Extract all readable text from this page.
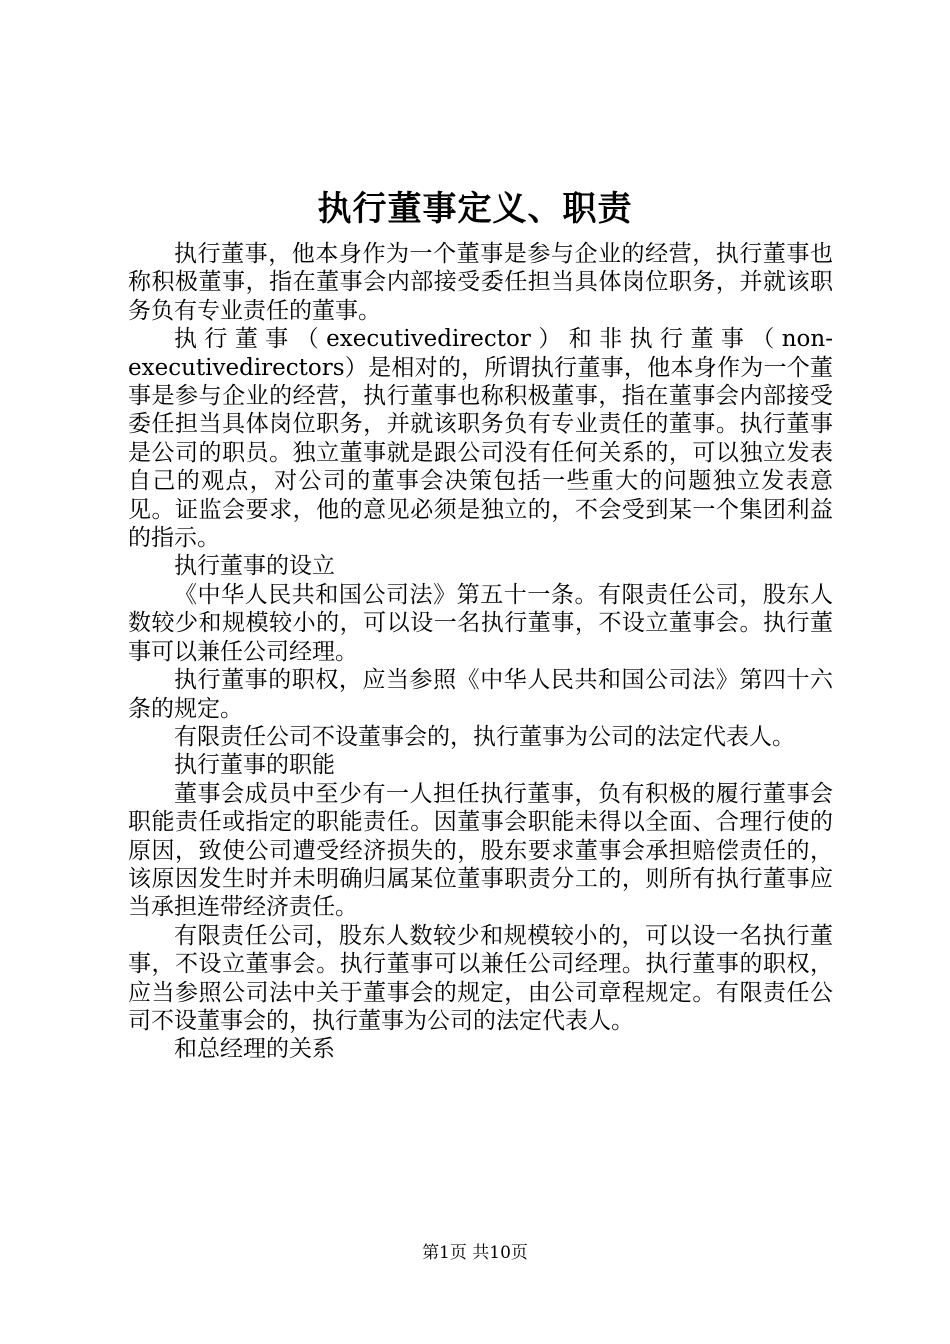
执行董事定义、职责

执行董事，他本身作为一个董事是参与企业的经营，执行董事也称积极董事，指在董事会内部接受委任担当具体岗位职务，并就该职务负有专业责任的董事。

执行董事（executivedirector）和非执行董事（non-executivedirectors）是相对的，所谓执行董事，他本身作为一个董事是参与企业的经营，执行董事也称积极董事，指在董事会内部接受委任担当具体岗位职务，并就该职务负有专业责任的董事。执行董事是公司的职员。独立董事就是跟公司没有任何关系的，可以独立发表自己的观点，对公司的董事会决策包括一些重大的问题独立发表意见。证监会要求，他的意见必须是独立的，不会受到某一个集团利益的指示。

执行董事的设立

《中华人民共和国公司法》第五十一条。有限责任公司，股东人数较少和规模较小的，可以设一名执行董事，不设立董事会。执行董事可以兼任公司经理。

执行董事的职权，应当参照《中华人民共和国公司法》第四十六条的规定。

有限责任公司不设董事会的，执行董事为公司的法定代表人。

执行董事的职能

董事会成员中至少有一人担任执行董事，负有积极的履行董事会职能责任或指定的职能责任。因董事会职能未得以全面、合理行使的原因，致使公司遭受经济损失的，股东要求董事会承担赔偿责任的，该原因发生时并未明确归属某位董事职责分工的，则所有执行董事应当承担连带经济责任。

有限责任公司，股东人数较少和规模较小的，可以设一名执行董事，不设立董事会。执行董事可以兼任公司经理。执行董事的职权，应当参照公司法中关于董事会的规定，由公司章程规定。有限责任公司不设董事会的，执行董事为公司的法定代表人。

和总经理的关系

第1页 共10页
